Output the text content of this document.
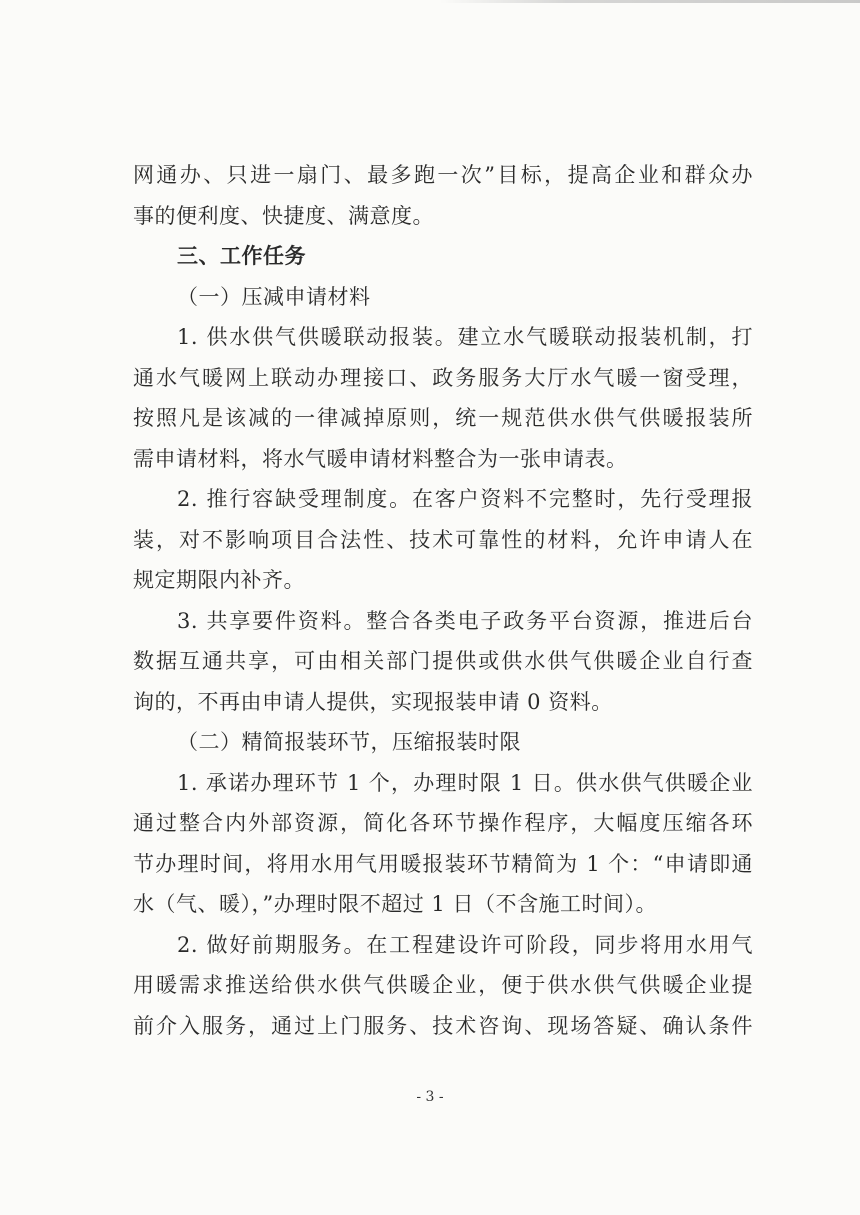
网通办、只进一扇门、最多跑一次”目标，提高企业和群众办
事的便利度、快捷度、满意度。
三、工作任务
（一）压减申请材料
1. 供水供气供暖联动报装。建立水气暖联动报装机制，打
通水气暖网上联动办理接口、政务服务大厅水气暖一窗受理，
按照凡是该减的一律减掉原则，统一规范供水供气供暖报装所
需申请材料，将水气暖申请材料整合为一张申请表。
2. 推行容缺受理制度。在客户资料不完整时，先行受理报
装，对不影响项目合法性、技术可靠性的材料，允许申请人在
规定期限内补齐。
3. 共享要件资料。整合各类电子政务平台资源，推进后台
数据互通共享，可由相关部门提供或供水供气供暖企业自行查
询的，不再由申请人提供，实现报装申请 0 资料。
（二）精简报装环节，压缩报装时限
1. 承诺办理环节 1 个，办理时限 1 日。供水供气供暖企业
通过整合内外部资源，简化各环节操作程序，大幅度压缩各环
节办理时间，将用水用气用暖报装环节精简为 1 个：“申请即通
水（气、暖），”办理时限不超过 1 日（不含施工时间）。
2. 做好前期服务。在工程建设许可阶段，同步将用水用气
用暖需求推送给供水供气供暖企业，便于供水供气供暖企业提
前介入服务，通过上门服务、技术咨询、现场答疑、确认条件
- 3 -
